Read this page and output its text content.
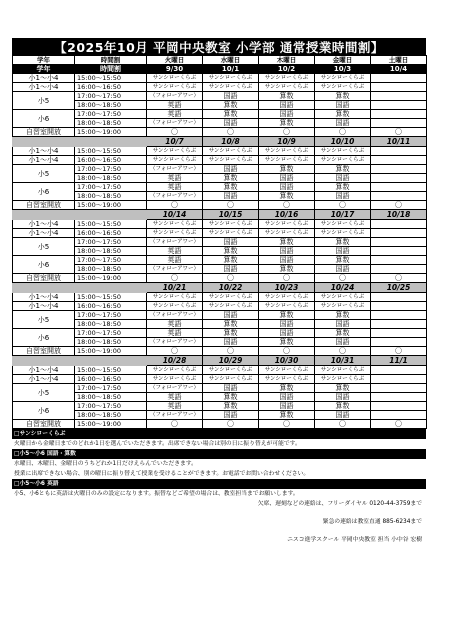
【2025年10月 平岡中央教室 小学部 通常授業時間割】
学年	時間割	火曜日	水曜日	木曜日	金曜日	土曜日
学年	時間割	9/30	10/1	10/2	10/3	10/4
小1～小4	15:00～15:50	サンシローくらぶ	サンシローくらぶ	サンシローくらぶ	サンシローくらぶ	
小1～小4	16:00～16:50	サンシローくらぶ	サンシローくらぶ	サンシローくらぶ	サンシローくらぶ	
小5	17:00～17:50	（フォローアワー）	国語	算数	算数	
	18:00～18:50	英語	算数	国語	国語	
小6	17:00～17:50	英語	算数	国語	算数	
	18:00～18:50	（フォローアワー）	国語	算数	国語	
自習室開放	15:00～19:00	〇	〇	〇	〇	〇
		10/7	10/8	10/9	10/10	10/11
小1～小4	15:00～15:50	サンシローくらぶ	サンシローくらぶ	サンシローくらぶ	サンシローくらぶ	
小1～小4	16:00～16:50	サンシローくらぶ	サンシローくらぶ	サンシローくらぶ	サンシローくらぶ	
小5	17:00～17:50	（フォローアワー）	国語	算数	算数	
	18:00～18:50	英語	算数	国語	国語	
小6	17:00～17:50	英語	算数	国語	算数	
	18:00～18:50	（フォローアワー）	国語	算数	国語	
自習室開放	15:00～19:00	〇	〇	〇	〇	〇
		10/14	10/15	10/16	10/17	10/18
小1～小4	15:00～15:50	サンシローくらぶ	サンシローくらぶ	サンシローくらぶ	サンシローくらぶ	
小1～小4	16:00～16:50	サンシローくらぶ	サンシローくらぶ	サンシローくらぶ	サンシローくらぶ	
小5	17:00～17:50	（フォローアワー）	国語	算数	算数	
	18:00～18:50	英語	算数	国語	国語	
小6	17:00～17:50	英語	算数	国語	算数	
	18:00～18:50	（フォローアワー）	国語	算数	国語	
自習室開放	15:00～19:00	〇	〇	〇	〇	〇
		10/21	10/22	10/23	10/24	10/25
小1～小4	15:00～15:50	サンシローくらぶ	サンシローくらぶ	サンシローくらぶ	サンシローくらぶ	
小1～小4	16:00～16:50	サンシローくらぶ	サンシローくらぶ	サンシローくらぶ	サンシローくらぶ	
小5	17:00～17:50	（フォローアワー）	国語	算数	算数	
	18:00～18:50	英語	算数	国語	国語	
小6	17:00～17:50	英語	算数	国語	算数	
	18:00～18:50	（フォローアワー）	国語	算数	国語	
自習室開放	15:00～19:00	〇	〇	〇	〇	〇
		10/28	10/29	10/30	10/31	11/1
小1～小4	15:00～15:50	サンシローくらぶ	サンシローくらぶ	サンシローくらぶ	サンシローくらぶ	
小1～小4	16:00～16:50	サンシローくらぶ	サンシローくらぶ	サンシローくらぶ	サンシローくらぶ	
小5	17:00～17:50	（フォローアワー）	国語	算数	算数	
	18:00～18:50	英語	算数	国語	国語	
小6	17:00～17:50	英語	算数	国語	算数	
	18:00～18:50	（フォローアワー）	国語	算数	国語	
自習室開放	15:00～19:00	〇	〇	〇	〇	〇
□サンシローくらぶ
火曜日から金曜日までのどれか1日を選んでいただきます。出席できない場合は別の日に振り替えが可能です。
□小5～小6 国語・算数
水曜日、木曜日、金曜日のうちどれか1日だけえらんでいただきます。
授業に出席できない場合、別の曜日に振り替えて授業を受けることができます。お電話でお問い合わせください。
□小5～小6 英語
小5、小6ともに英語は火曜日のみの設定になります。振替などご希望の場合は、教室担当までお願いします。
欠席、遅刻などの連絡は、フリーダイヤル 0120-44-3759まで
緊急の連絡は教室直通 885-6234まで
ニスコ進学スクール 平岡中央教室 担当 小中谷 宏樹
